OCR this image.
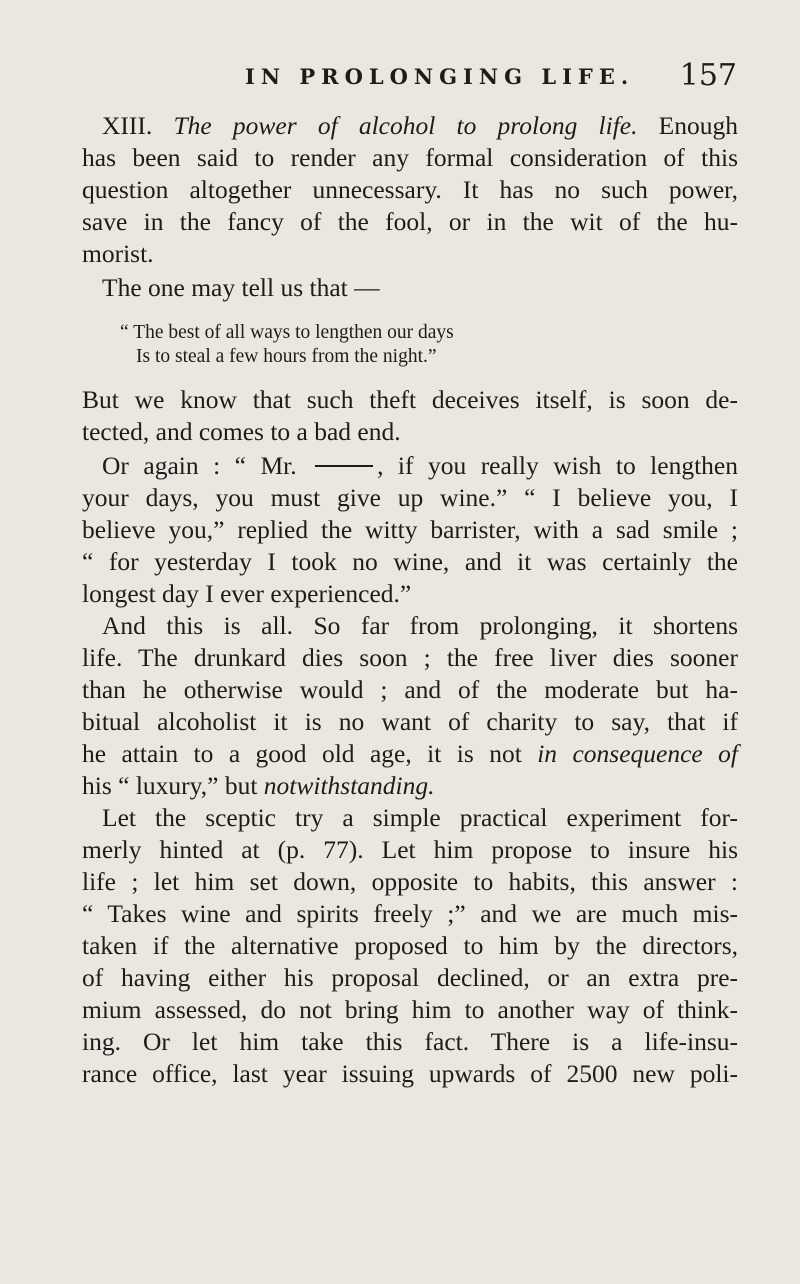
IN PROLONGING LIFE. 157
XIII. The power of alcohol to prolong life. Enough
has been said to render any formal consideration of this
question altogether unnecessary. It has no such power,
save in the fancy of the fool, or in the wit of the hu-
morist.
The one may tell us that —
“ The best of all ways to lengthen our days
Is to steal a few hours from the night.”
But we know that such theft deceives itself, is soon de-
tected, and comes to a bad end.
Or again : “ Mr.	, if you really wish to lengthen
your days, you must give up wine.” “ I believe you, I
believe you,” replied the witty barrister, with a sad smile ;
“ for yesterday I took no wine, and it was certainly the
longest day I ever experienced.”
And this is all. So far from prolonging, it shortens
life. The drunkard dies soon ; the free liver dies sooner
than he otherwise would ; and of the moderate but ha-
bitual alcoholist it is no want of charity to say, that if
he attain to a good old age, it is not in consequence of
his “ luxury,” but notwithstanding.
Let the sceptic try a simple practical experiment for-
merly hinted at (p. 77). Let him propose to insure his
life ; let him set down, opposite to habits, this answer :
“ Takes wine and spirits freely ;” and we are much mis-
taken if the alternative proposed to him by the directors,
of having either his proposal declined, or an extra pre-
mium assessed, do not bring him to another way of think-
ing. Or let him take this fact. There is a life-insu-
rance office, last year issuing upwards of 2500 new poli-
